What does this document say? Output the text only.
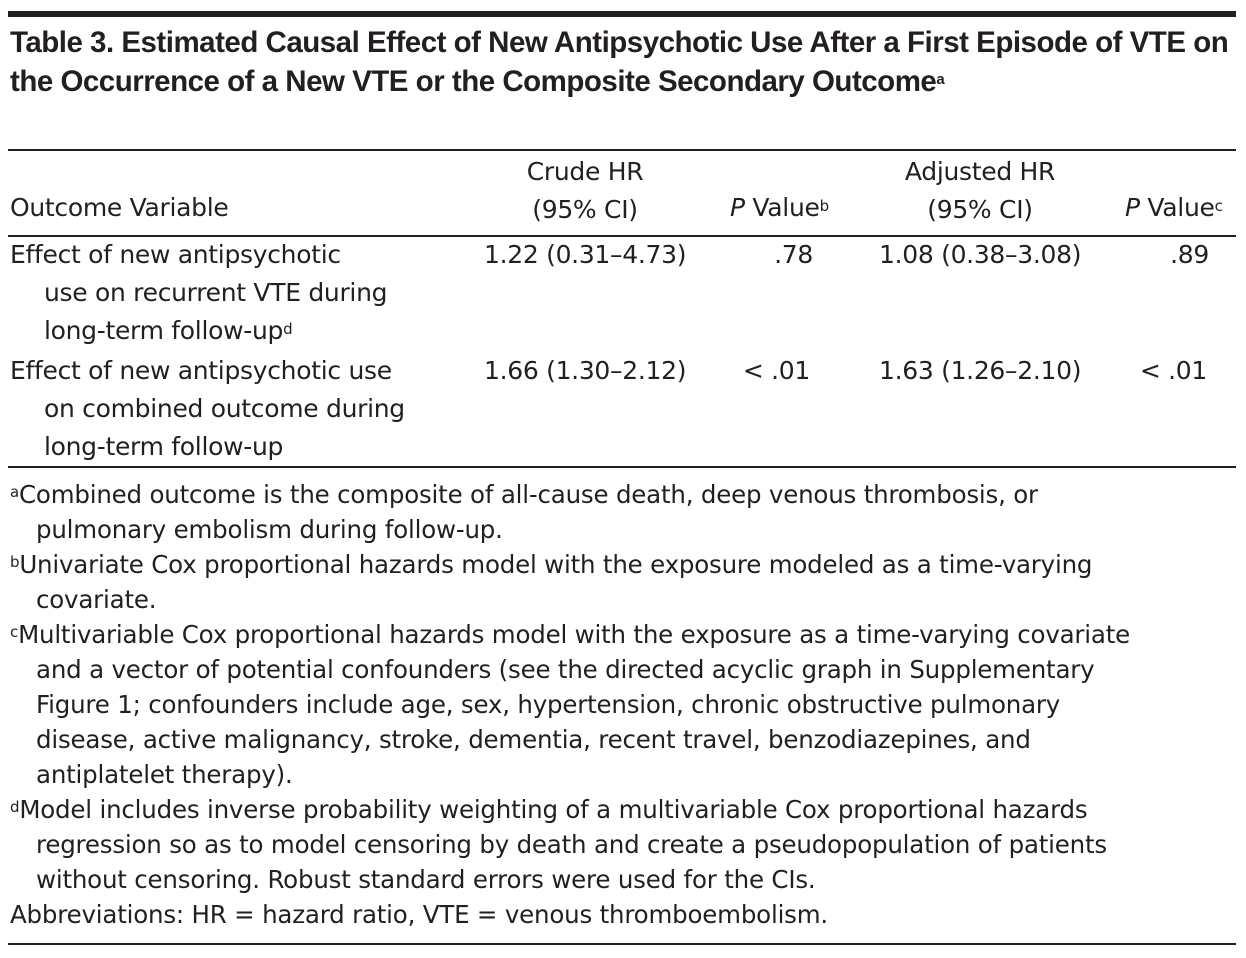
Table 3. Estimated Causal Effect of New Antipsychotic Use After a First Episode of VTE on the Occurrence of a New VTE or the Composite Secondary Outcome$^a$
Outcome Variable
Crude HR
(95% CI)	P Value$^b$
Adjusted HR
(95% CI)	P Value$^c$
Effect of new antipsychotic
use on recurrent VTE during
long-term follow-$up^d$
1.22 (0.31–4.73)	.78	1.08 (0.38–3.08)	.89
Effect of new antipsychotic use
on combined outcome during
long-term follow-up
1.66 (1.30–2.12)	< .01	1.63 (1.26–2.10)	< .01
$^a$Combined outcome is the composite of all-cause death, deep venous thrombosis, or
pulmonary embolism during follow-up.
$^b$Univariate Cox proportional hazards model with the exposure modeled as a time-varying
covariate.
$^c$Multivariable Cox proportional hazards model with the exposure as a time-varying covariate
and a vector of potential confounders (see the directed acyclic graph in Supplementary
Figure 1; confounders include age, sex, hypertension, chronic obstructive pulmonary
disease, active malignancy, stroke, dementia, recent travel, benzodiazepines, and
antiplatelet therapy).
$^d$Model includes inverse probability weighting of a multivariable Cox proportional hazards
regression so as to model censoring by death and create a pseudopopulation of patients
without censoring. Robust standard errors were used for the CIs.
Abbreviations: HR = hazard ratio, VTE = venous thromboembolism.
